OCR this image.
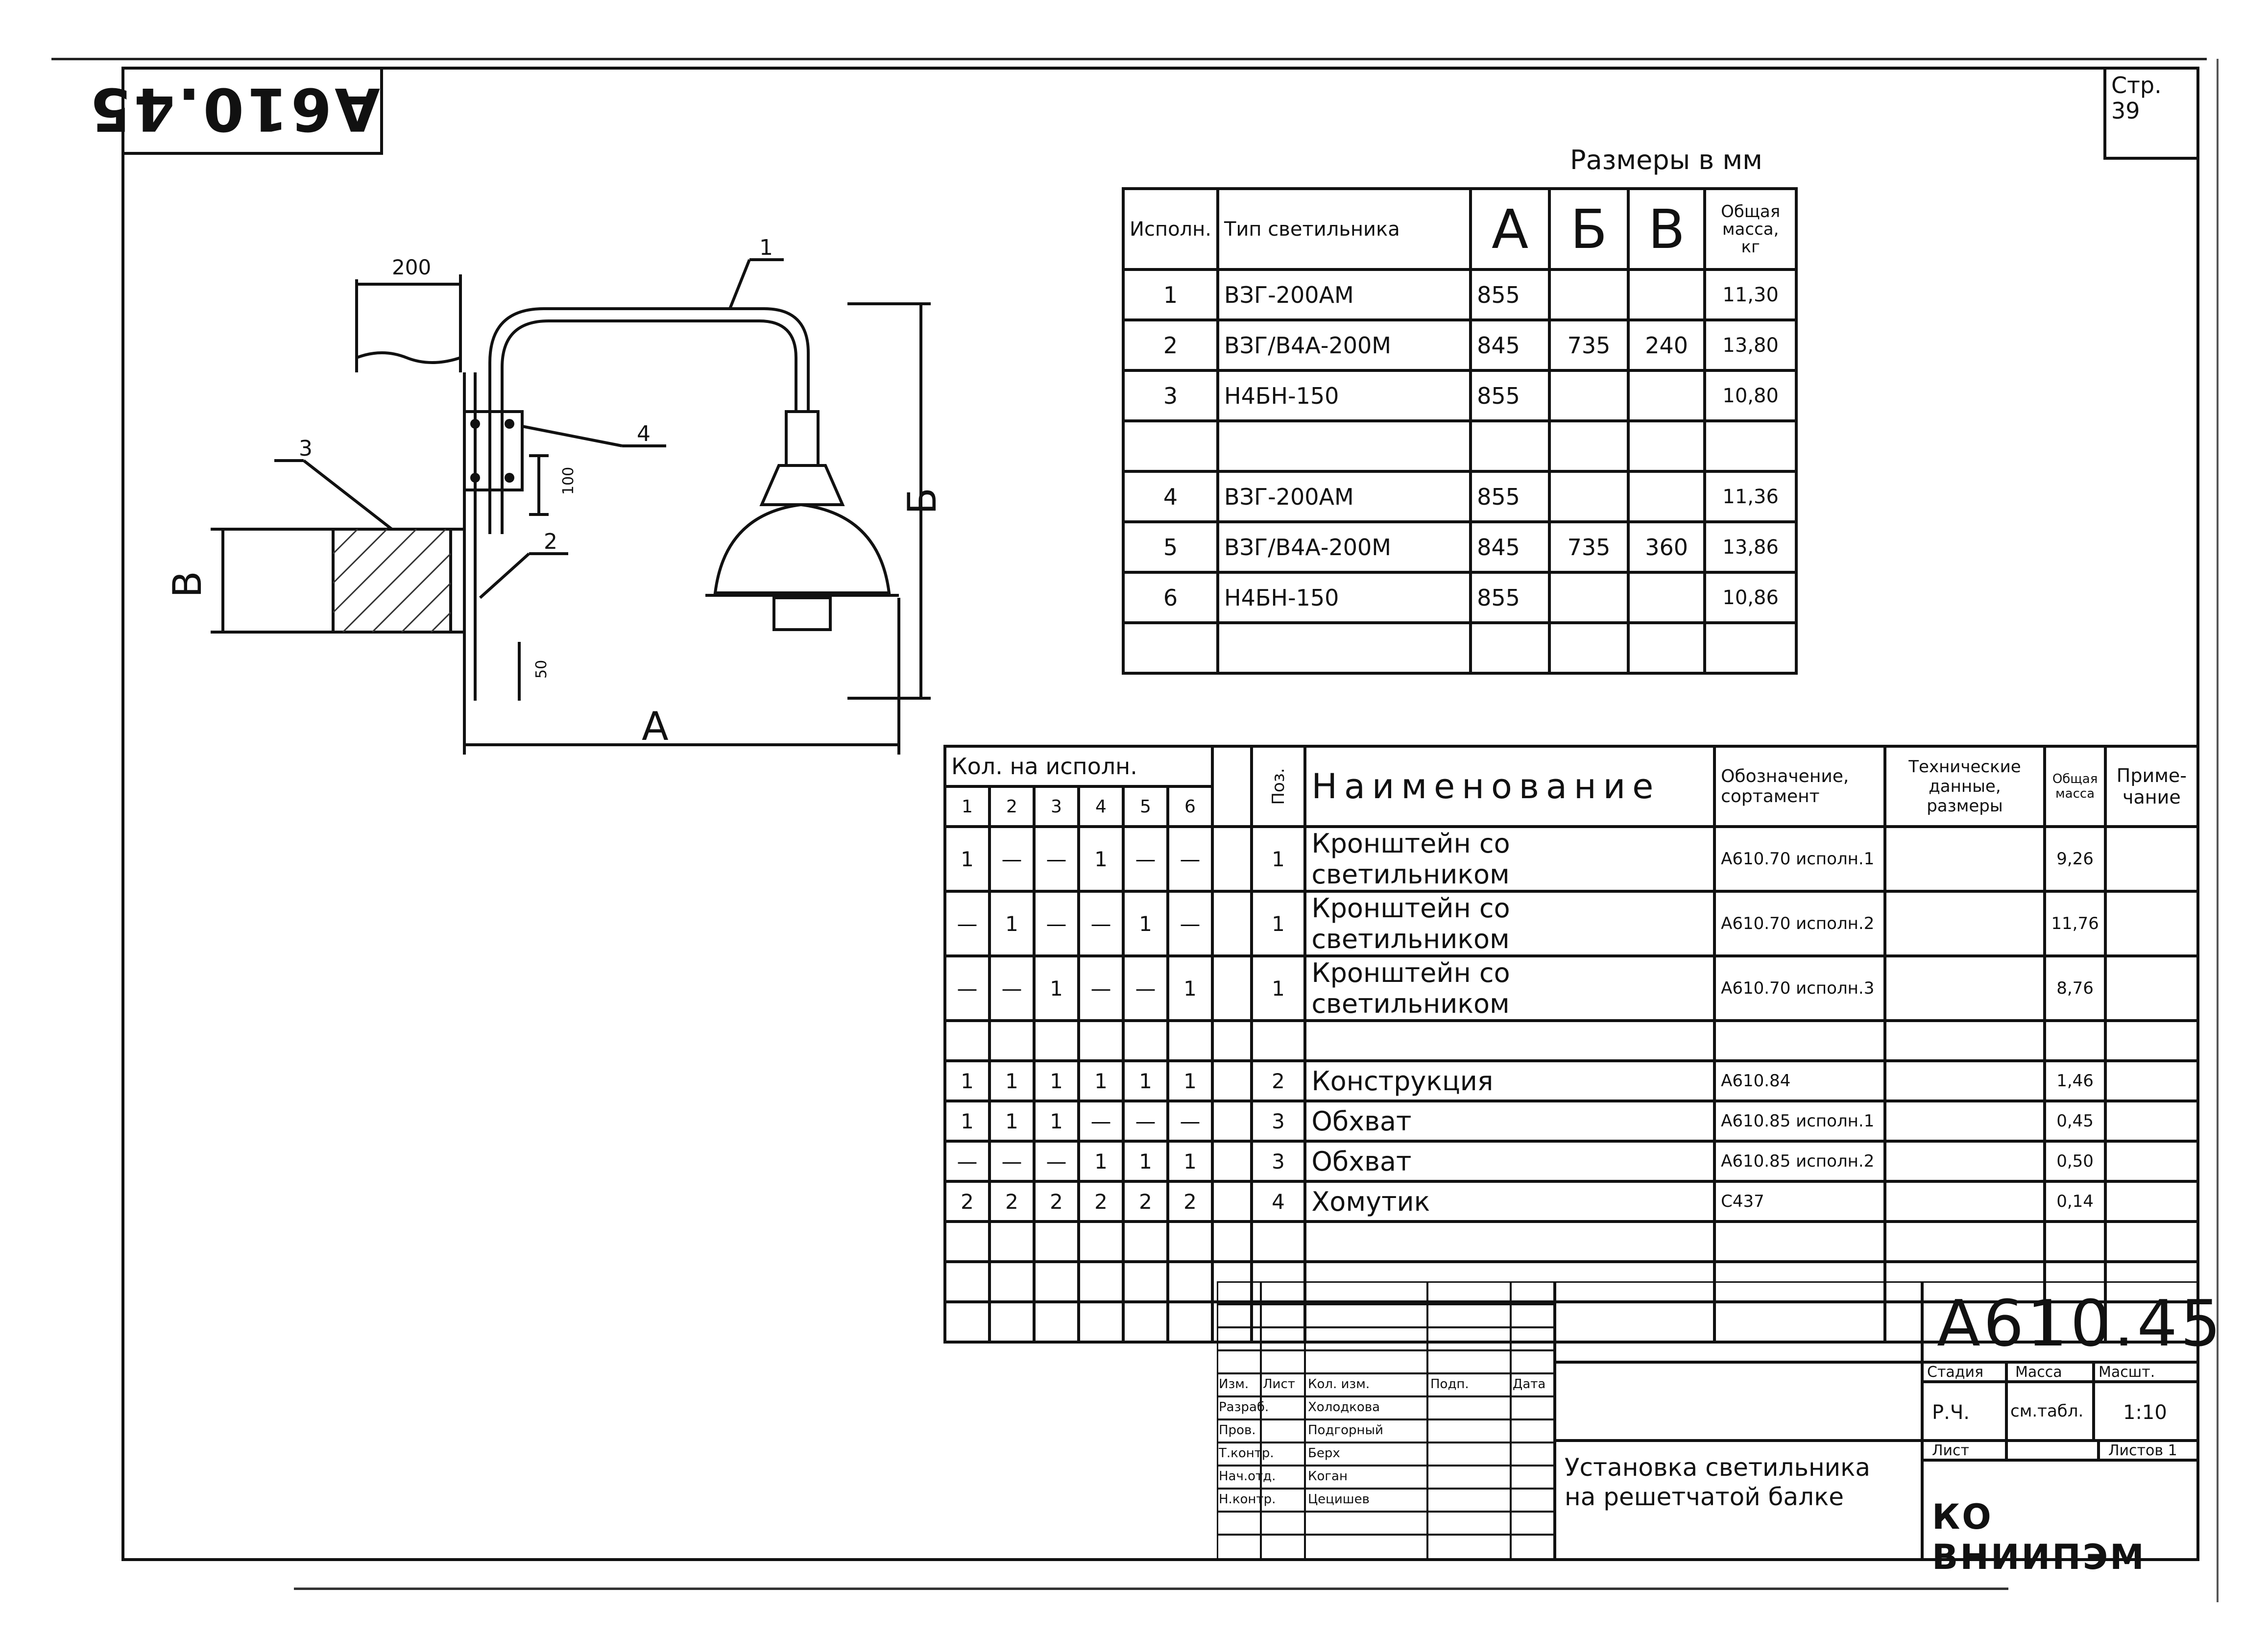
А610.45	Стр.
39
200
100
50
А
Б
В
1
2
3
4
Размеры в мм
Исполн.	Тип светильника	А	Б	В	Общая масса, кг
1	ВЗГ-200АМ	855			11,30
2	ВЗГ/В4А-200М	845	735	240	13,80
3	Н4БН-150	855			10,80

4	ВЗГ-200АМ	855			11,36
5	ВЗГ/В4А-200М	845	735	360	13,86
6	Н4БН-150	855			10,86

Кол. на исполн.							Поз.	Наименование	Обозначение, сортамент	Техническиe данные, размеры	Общая масса	Приме- чание
1	2	3	4	5	6							
1	—	—	1	—	—		1	Кронштейн со светильником	А610.70 исполн.1		9,26	
—	1	—	—	1	—		1	Кронштейн со светильником	А610.70 исполн.2		11,76	
—	—	1	—	—	1		1	Кронштейн со светильником	А610.70 исполн.3		8,76	

1	1	1	1	1	1		2	Конструкция	А610.84		1,46	
1	1	1	—	—	—		3	Обхват	А610.85 исполн.1		0,45	
—	—	—	1	1	1		3	Обхват	А610.85 исполн.2		0,50	
2	2	2	2	2	2		4	Хомутик	С437		0,14	

А610.45
Стадия Масса Масшт.
Р.Ч. см.табл. 1:10
Лист	Листов 1
КО ВНИИПЭМ
Установка светильника на решетчатой балке
Изм. Лист Кол. изм.	Подп.	Дата
Разраб.	Холодкова
Пров.	Подгорный
Т.контр.	Берх
Нач.отд.	Коган
Н.контр.	Цецишев
